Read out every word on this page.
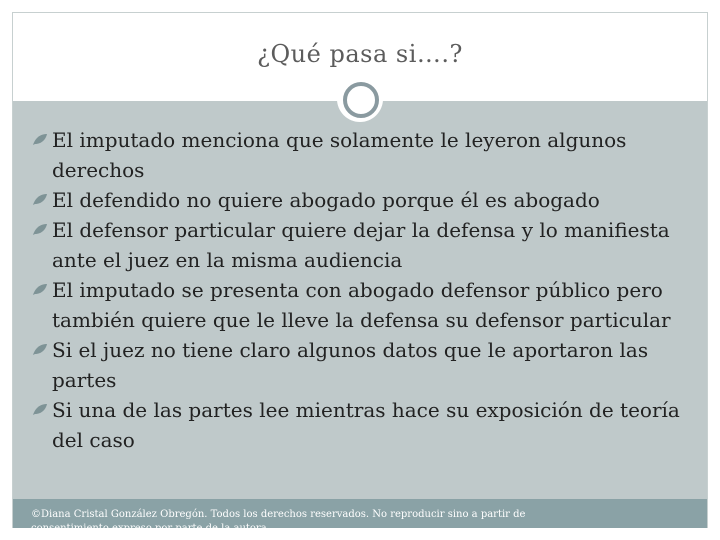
¿Qué pasa si….?
El imputado menciona que solamente le leyeron algunos derechos
El defendido no quiere abogado porque él es abogado
El defensor particular quiere dejar la defensa y lo manifiesta ante el juez en la misma audiencia
El imputado se presenta con abogado defensor público pero también quiere que le lleve la defensa su defensor particular
Si el juez no tiene claro algunos datos que le aportaron las partes
Si una de las partes lee mientras hace su exposición de teoría del caso
©Diana Cristal González Obregón. Todos los derechos reservados. No reproducir sino a partir de consentimiento expreso por parte de la autora.
